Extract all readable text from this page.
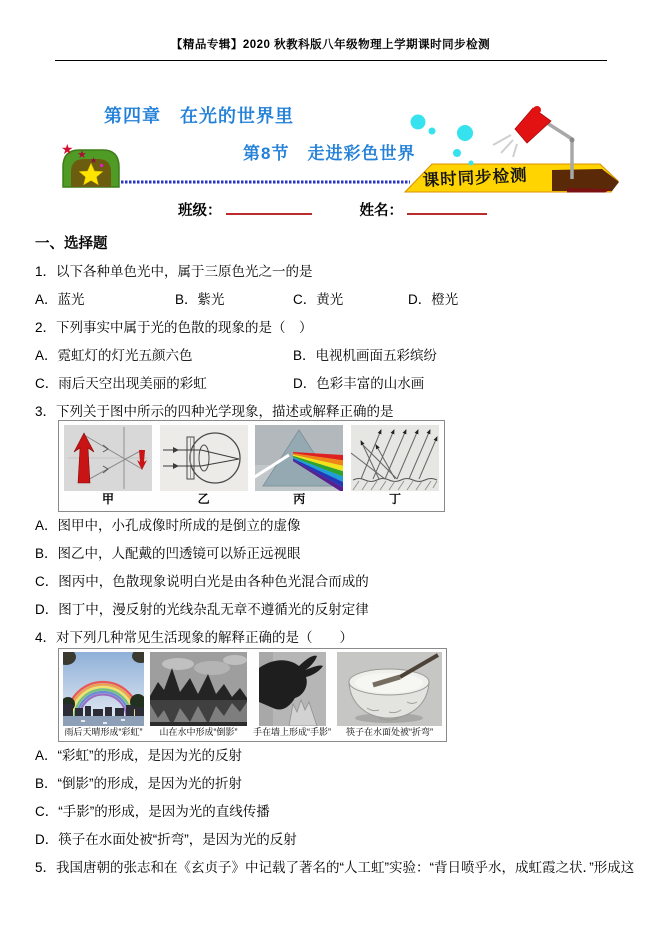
【精品专辑】2020 秋教科版八年级物理上学期课时同步检测
第四章　在光的世界里
第8节　走进彩色世界
★ ★ ★
课时同步检测
班级：	姓名：
一、选择题
1．以下各种单色光中，属于三原色光之一的是
A．蓝光	B．紫光	C．黄光	D．橙光
2．下列事实中属于光的色散的现象的是（　）
A．霓虹灯的灯光五颜六色	B．电视机画面五彩缤纷
C．雨后天空出现美丽的彩虹	D．色彩丰富的山水画
3．下列关于图中所示的四种光学现象，描述或解释正确的是
甲	乙	丙	丁
A．图甲中，小孔成像时所成的是倒立的虚像
B．图乙中，人配戴的凹透镜可以矫正远视眼
C．图丙中，色散现象说明白光是由各种色光混合而成的
D．图丁中，漫反射的光线杂乱无章不遵循光的反射定律
4．对下列几种常见生活现象的解释正确的是（　　）
雨后天晴形成“彩虹” 山在水中形成“倒影” 手在墙上形成“手影” 筷子在水面处被“折弯”
A．“彩虹”的形成，是因为光的反射
B．“倒影”的形成，是因为光的折射
C．“手影”的形成，是因为光的直线传播
D．筷子在水面处被“折弯”，是因为光的反射
5．我国唐朝的张志和在《玄贞子》中记载了著名的“人工虹”实验：“背日喷乎水，成虹霞之状．”形成这
